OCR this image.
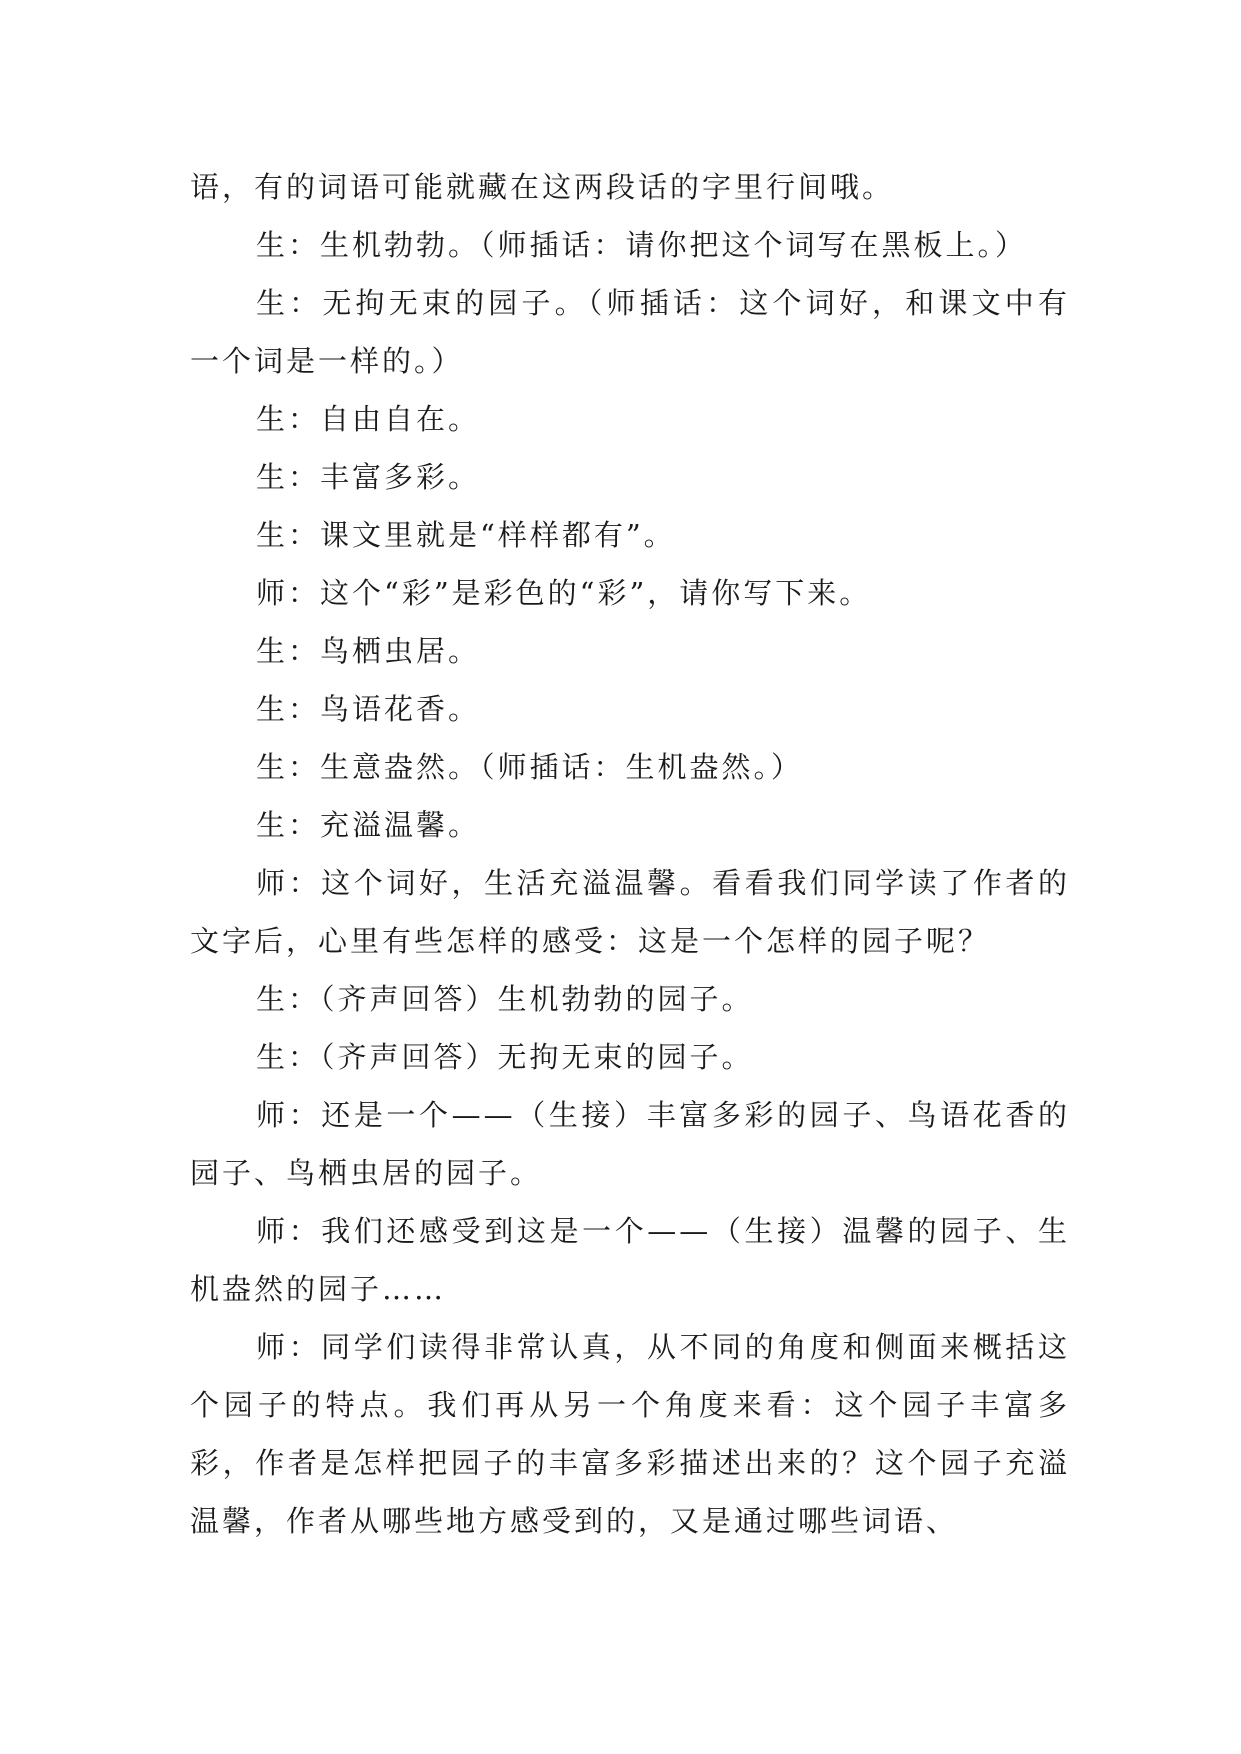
语，有的词语可能就藏在这两段话的字里行间哦。

生：生机勃勃。（师插话：请你把这个词写在黑板上。）

生：无拘无束的园子。（师插话：这个词好，和课文中有一个词是一样的。）

生：自由自在。

生：丰富多彩。

生：课文里就是“样样都有”。

师：这个“彩”是彩色的“彩”，请你写下来。

生：鸟栖虫居。

生：鸟语花香。

生：生意盎然。（师插话：生机盎然。）

生：充溢温馨。

师：这个词好，生活充溢温馨。看看我们同学读了作者的文字后，心里有些怎样的感受：这是一个怎样的园子呢？

生：（齐声回答）生机勃勃的园子。

生：（齐声回答）无拘无束的园子。

师：还是一个——（生接）丰富多彩的园子、鸟语花香的园子、鸟栖虫居的园子。

师：我们还感受到这是一个——（生接）温馨的园子、生机盎然的园子……

师：同学们读得非常认真，从不同的角度和侧面来概括这个园子的特点。我们再从另一个角度来看：这个园子丰富多彩，作者是怎样把园子的丰富多彩描述出来的？这个园子充溢温馨，作者从哪些地方感受到的，又是通过哪些词语、
